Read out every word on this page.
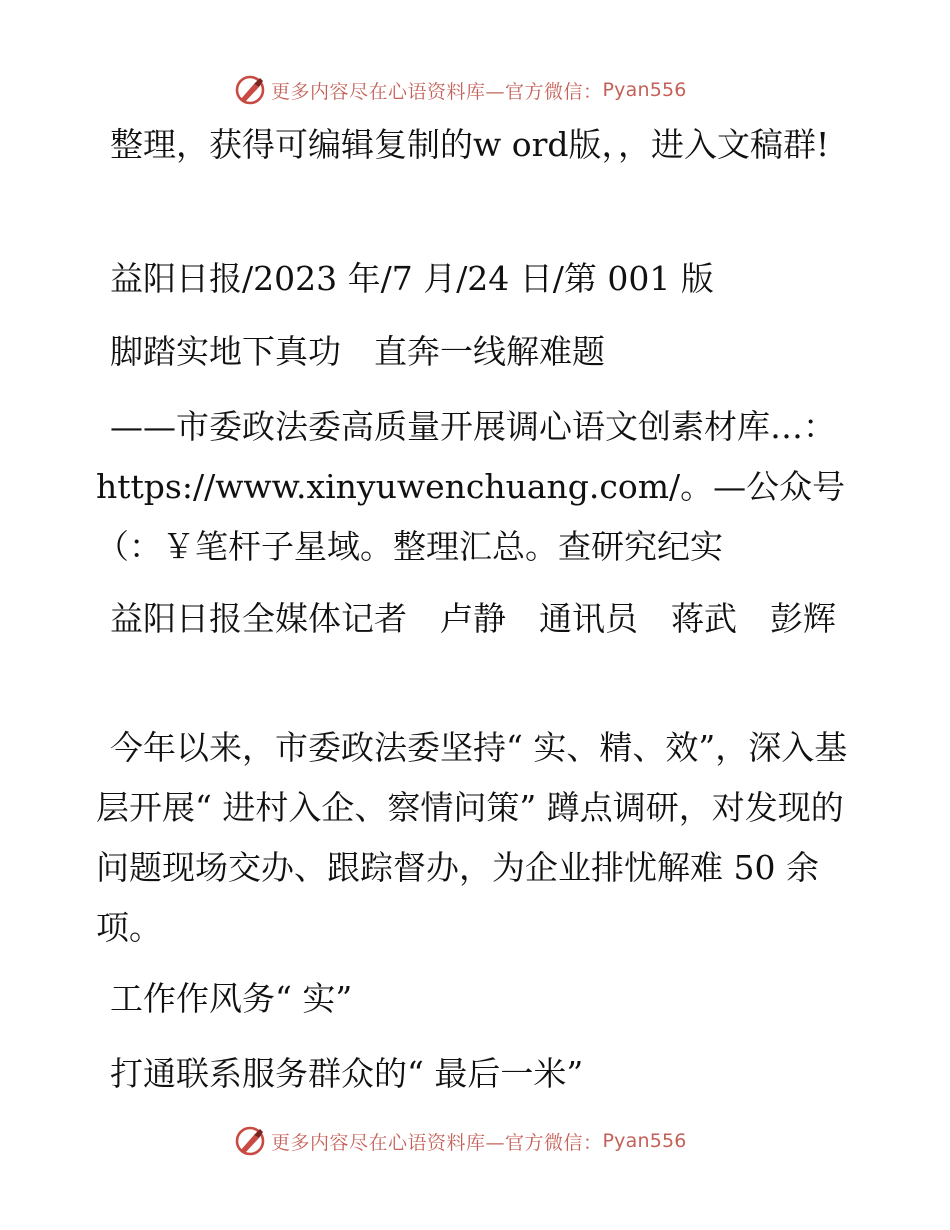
更多内容尽在心语资料库—官方微信： Pyan556

整理，获得可编辑复制的w ord版，，进入文稿群!

益阳日报/2023 年/7 月/24 日/第 001 版

脚踏实地下真功　直奔一线解难题

——市委政法委高质量开展调心语文创素材库…：https://www.xinyuwenchuang.com/。—公众号（：￥笔杆子星域。整理汇总。查研究纪实

益阳日报全媒体记者　卢静　通讯员　蒋武　彭辉

今年以来，市委政法委坚持“ 实、精、效”，深入基层开展“ 进村入企、察情问策” 蹲点调研，对发现的问题现场交办、跟踪督办，为企业排忧解难 50 余项。

工作作风务“ 实”

打通联系服务群众的“ 最后一米”

更多内容尽在心语资料库—官方微信： Pyan556
